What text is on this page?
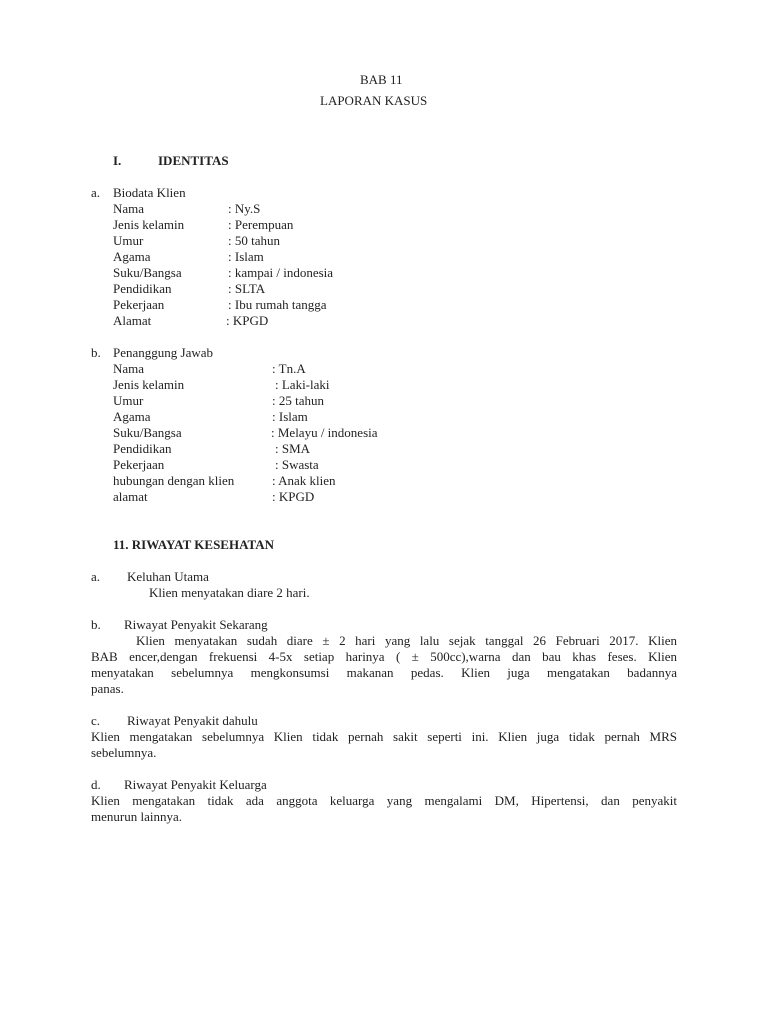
BAB 11
LAPORAN KASUS
I.	IDENTITAS
a. Biodata Klien
Nama	: Ny.S
Jenis kelamin	: Perempuan
Umur	: 50 tahun
Agama	: Islam
Suku/Bangsa	: kampai / indonesia
Pendidikan	: SLTA
Pekerjaan	: Ibu rumah tangga
Alamat	: KPGD
b. Penanggung Jawab
Nama	: Tn.A
Jenis kelamin	: Laki-laki
Umur	: 25 tahun
Agama	: Islam
Suku/Bangsa	: Melayu / indonesia
Pendidikan	: SMA
Pekerjaan	: Swasta
hubungan dengan klien	: Anak klien
alamat	: KPGD
11. RIWAYAT KESEHATAN
a. Keluhan Utama
Klien menyatakan diare 2 hari.
b. Riwayat Penyakit Sekarang
Klien menyatakan sudah diare ± 2 hari yang lalu sejak tanggal 26 Februari 2017. Klien
BAB encer,dengan frekuensi 4-5x setiap harinya ( ± 500cc),warna dan bau khas feses. Klien
menyatakan sebelumnya mengkonsumsi makanan pedas. Klien juga mengatakan badannya
panas.
c. Riwayat Penyakit dahulu
Klien mengatakan sebelumnya Klien tidak pernah sakit seperti ini. Klien juga tidak pernah MRS
sebelumnya.
d. Riwayat Penyakit Keluarga
Klien mengatakan tidak ada anggota keluarga yang mengalami DM, Hipertensi, dan penyakit
menurun lainnya.
